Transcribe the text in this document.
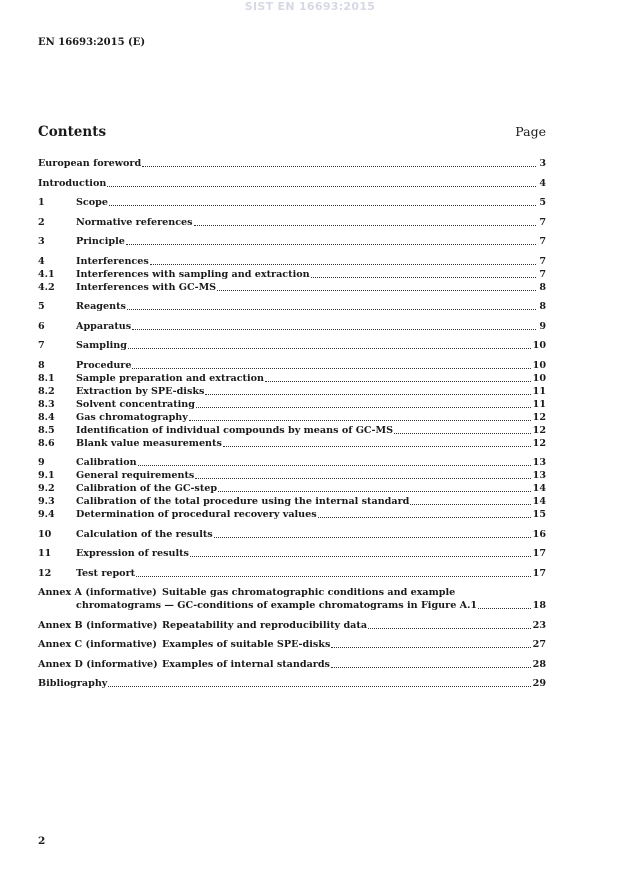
SIST EN 16693:2015
EN 16693:2015 (E)
Contents	Page
European foreword	3
Introduction	4
1	Scope	5
2	Normative references	7
3	Principle	7
4	Interferences	7
4.1	Interferences with sampling and extraction	7
4.2	Interferences with GC-MS	8
5	Reagents	8
6	Apparatus	9
7	Sampling	10
8	Procedure	10
8.1	Sample preparation and extraction	10
8.2	Extraction by SPE-disks	11
8.3	Solvent concentrating	11
8.4	Gas chromatography	12
8.5	Identification of individual compounds by means of GC-MS	12
8.6	Blank value measurements	12
9	Calibration	13
9.1	General requirements	13
9.2	Calibration of the GC-step	14
9.3	Calibration of the total procedure using the internal standard	14
9.4	Determination of procedural recovery values	15
10	Calculation of the results	16
11	Expression of results	17
12	Test report	17
Annex A (informative) Suitable gas chromatographic conditions and example
chromatograms — GC-conditions of example chromatograms in Figure A.1	18
Annex B (informative) Repeatability and reproducibility data	23
Annex C (informative) Examples of suitable SPE-disks	27
Annex D (informative) Examples of internal standards	28
Bibliography	29
2
